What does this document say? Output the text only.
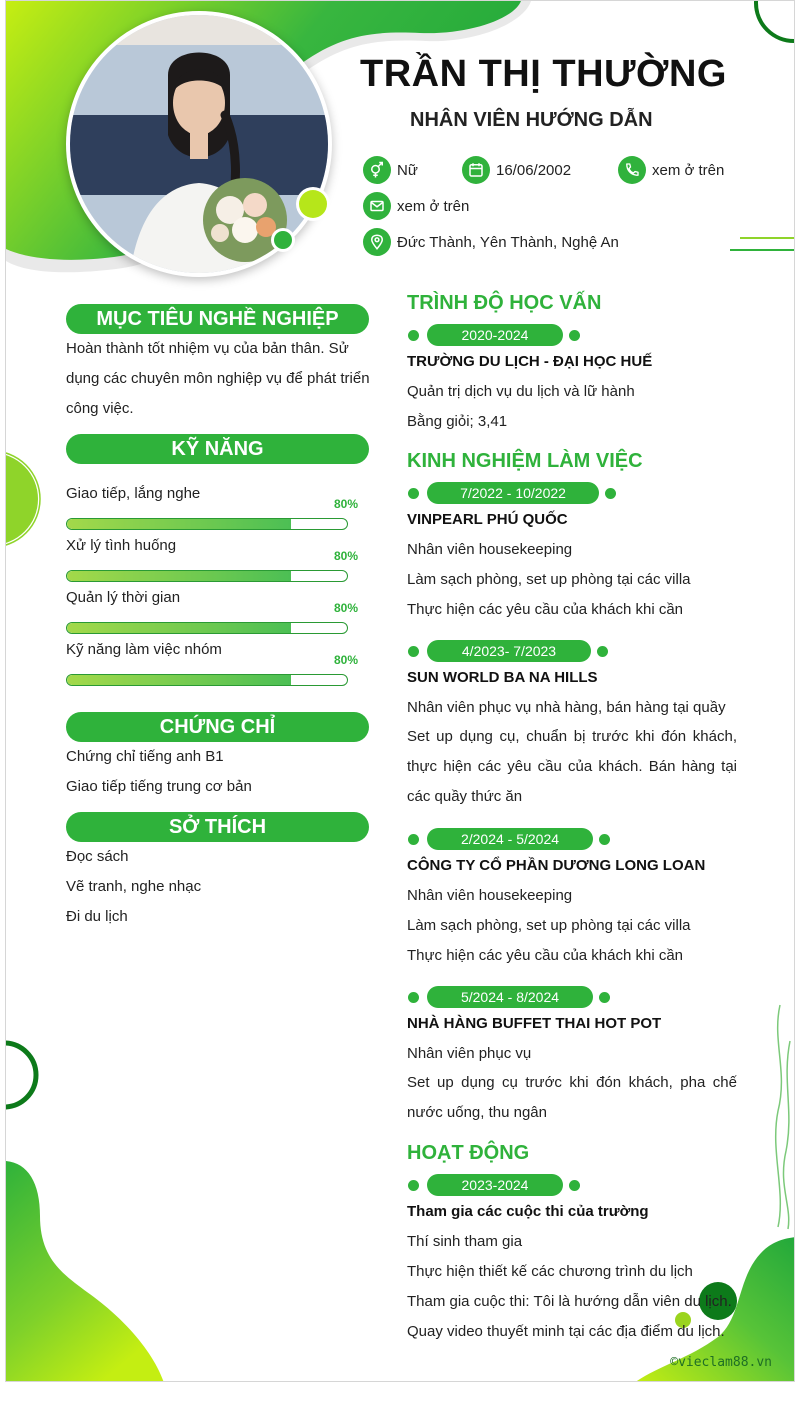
TRẦN THỊ THƯỜNG
NHÂN VIÊN HƯỚNG DẪN
Nữ	16/06/2002	xem ở trên
xem ở trên
Đức Thành, Yên Thành, Nghệ An
MỤC TIÊU NGHỀ NGHIỆP
Hoàn thành tốt nhiệm vụ của bản thân. Sử dụng các chuyên môn nghiệp vụ để phát triển công việc.
KỸ NĂNG
Giao tiếp, lắng nghe
80%
Xử lý tình huống
80%
Quản lý thời gian
80%
Kỹ năng làm việc nhóm
80%
CHỨNG CHỈ
Chứng chỉ tiếng anh B1
Giao tiếp tiếng trung cơ bản
SỞ THÍCH
Đọc sách
Vẽ tranh, nghe nhạc
Đi du lịch
TRÌNH ĐỘ HỌC VẤN
2020-2024
TRƯỜNG DU LỊCH - ĐẠI HỌC HUẾ
Quản trị dịch vụ du lịch và lữ hành
Bằng giỏi; 3,41
KINH NGHIỆM LÀM VIỆC
7/2022 - 10/2022
VINPEARL PHÚ QUỐC
Nhân viên housekeeping
Làm sạch phòng, set up phòng tại các villa
Thực hiện các yêu cầu của khách khi cần
4/2023- 7/2023
SUN WORLD BA NA HILLS
Nhân viên phục vụ nhà hàng, bán hàng tại quầy
Set up dụng cụ, chuẩn bị trước khi đón khách, thực hiện các yêu cầu của khách. Bán hàng tại các quầy thức ăn
2/2024 - 5/2024
CÔNG TY CỔ PHẦN DƯƠNG LONG LOAN
Nhân viên housekeeping
Làm sạch phòng, set up phòng tại các villa
Thực hiện các yêu cầu của khách khi cần
5/2024 - 8/2024
NHÀ HÀNG BUFFET THAI HOT POT
Nhân viên phục vụ
Set up dụng cụ trước khi đón khách, pha chế nước uống, thu ngân
HOẠT ĐỘNG
2023-2024
Tham gia các cuộc thi của trường
Thí sinh tham gia
Thực hiện thiết kế các chương trình du lịch
Tham gia cuộc thi: Tôi là hướng dẫn viên du lịch.
Quay video thuyết minh tại các địa điểm du lịch.
©vieclam88.vn
